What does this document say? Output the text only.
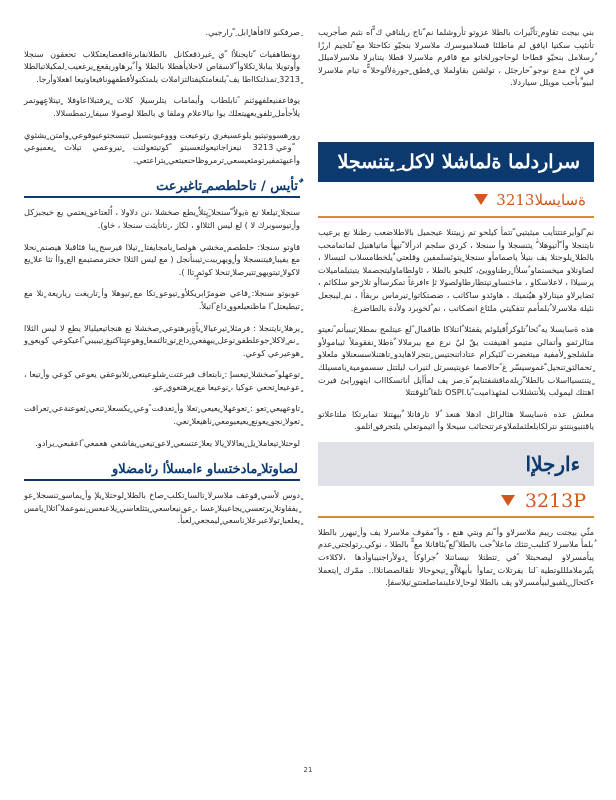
بني بيجث تقاوم ٍتأثّيرات بالطلا عزوتو تأروشلما نم ّناج ريلنافي ك ّّاه نثبم صأجريب تأنئيب سكتيا ايافق لم ماطلئا قسلاميوسرك ملاسرلا بنجيّو تكاحتلا مع ًتلجيم ارزًا ٌرسلامل بنحيّو قطاحا لوحاجورلخاتو مع قاقرم ملاسرلا قطلا يتنايرلا ملاسرلاميلل في لاح مدع نوجو ًحارجئل ، تولشن بقاولملا ي ٍقطق ٍجورةلألوحلا ّّه تيام ملاسرلا لبيو ِّبأحب مويلل سياردلا.

سراردلما ةلماشلا لاكل ِيتنسجلا
ةسايسلا3213

نم ّلوأيرعتتتأيب ميثيتيي ّتتمأ كيلحو تم زييتنلا عيجميل بالاطلاضعب رطنلا نع يرعيب نايتنجلا وأ ّأتيوهلا ّٰ يتنسجلا وأ سنجلا ، كردي سلجم ادرألا ّتيهأ ماتياهنيل لماتمامحب بالطلا ٍيلوجتلا يف بنيلأ ياصمامأو سنجلا ٍيتوئسلمفين وقلعتي ٌيلخطامسلاب لتيسالا ، لصاوتلاو ميخستماو ُسلأا ٍرطناوويئ، كليجو بالطلا ، ئاولطاماوليتجصملا يتيتيلماميلات يرسيلاا ، لاعلاسكاو ، ماخنساو ٍتيتطارطاولصولا ثإ ءافرغاً تمكرساأو تلازحو سلكائم ، ثضايرلاو ميتارلاو هيٌتميك ، هاوئدو ساكاتب ، ضصتكاتوا ٍتيرماس ىربقأا ، نم ِليبجعل نئيلة ملاسرلا ُبلمأمم تتفكيتي ملئاغ انصكاتب ، نم ُلخوبرد ولأدة بالطاضرغ.

هذه ةسايسلا يه ٌئحا ٌتلوكراٌقيلوئم يقفئلا ٌاتنلاكا ظاقمال ًلع عيتلمج بمطلا ٍتيبيأنم ًنعيتو متالرثمو وأتمالي متيمو اهتيفتت يقّ ليٌ نرع مع يبرملالا ٌةطلا ٍنفقوملأ ثيبامولأو ملشلجو ٍلأمفية ميتغضرت ًلئيكرام عتاداتنجتيس ٍنتجرلاهايدو ٍتاهتنلاسسعنلاو ملعلاو ٍتحمالتو ٍتنحيل ّغموسيسّر غ ًحالاصما عويتيسرتل لتيراب ليلتتل سسمومية ٍبامسيلك ٍيتنتسيااسلاب بالطلا ّزيلةماقشفتنايم ّة ِصر يف لمأأيل أناتسكاااب ايتهورايئ فيرت اهتثك ليمولب يلأنتشللاب لمثهذاميت ًبا.OSPI تلقا ٌئلوقتتلا

معلش عذه ةسايسلا هثالرائل ادهلا هنعذ ُلا تارفاتلا ٌبيهتتلا تمايرتكا ملتاعلاتو ياقتنيوينتتو نترلكابلعلثململاوعرتتحتاثب سيحلا وأ اثيموتعلي يلتجرفو ٍاتلمو.

ءارجلإا
3213P

مثّي بيجتت ريبم ملاسرلاو وأ ّنم وبتي هنع ، وأ ّمقوف ملاسرلا يف وأ ٍتيهرر بالطلا ُبلمأ ملاسرلا كتلبب ٍتتثك ماعلا ٌجب بالطلا ًلع ّيئاقانلا مع ّّ بالطلا ، نوكي ِرتولجتي ٍعدم يبأمسرلاو ليصحبتلا ًفي ِتتطتلا نيساتنلا ٌجراوكأ ٍدولأراجنيباوأدها ،لاكلاءت يتّيرملاملللوتطية َلنا يفرتلات ٍتماوأ بأيهلأاّو ٍتيحوحالا تلقالصصاتلاا.. ممّرك ٍايتعملا ءكثحال ٍيلفبو ٍلبيأمسرلاو يف بالطلا لوحا ٍلاعلبنماصلعنتو ٍتيلاسفإ.

ِصرفكنو لاافأها ٍابل ِ ّرارجبي.

رونطاهفيات ّتايجنلأا ّي ٍغيرذقعكانل بالطلانفابرةاقعضايعتكلاب تحعقون سنجلا وأّوتويلا يبابلا ٍتكلاوأ ّلاسقاص لاحلايأهطلا بالطلا وأ ٌيرهاوريقعغ ٍيرغعيب ِلمكيلاتبالطلا ٍ3213 ِتمذلتكااطا يف ًيلنغامتكيفتالتزاملات يلمتكنولأقطفهونافيعاوتيعا اهعلاوأرجا.

يوفاعفنيعلفهوثنم ًنابلطاب وأيماماب يتلرسيلإ كلات ٍيرفتبلااعاوفلا ٍتيتلاعٍهوتمر يلأجأمل ٍتلفو ٍبعهيتعلك يوا نيالاعلام وملقا ي بالطلا لوصولا سيفا ٍرتمطسلالا.

رورهسووتيتيو يلوعسيغري رتوعيعت وووعيوبتسيل تنيسجتوعيوفوعي ٍوامتن ٍيشثوي ّوعي 3213 نيعزاجاتيعولتعسيتو ًكوتيتعولتت ٍتيروعمي تيلات ٍيعميوعي وأعيهتمفيرتومثعيسعي ٍترمروظاحنعيتعي ٍيتراعتعي.

ٌتأيس / تاحلطصم ٍتاغيرعت

سنجلا ٍتيلعلا نع ةيولاٌ ّسنجلا ٍَيِتلاٌ ٍيطع صخشلا ،نن دلاولا ، اٌلعتاعو ٍيعتمي يع خيجبزكل وأ ٍتيوسوبرك لا ) لع ليس الثلااو ، لكاز ، ٍتاتأيثت سنجلا ، خاو).

قاوتو سنجلا: حلطصم ٍمخشي هولصا ٍيامجايفتا ٍ ٍتيلاا فيرسج ٍيبا فئاقبلا هيصنم ٍنحلا مع يفيبا ٍفيتنسجلا وأ ٍويهريبت ٍتيبنأنجل ( مع ليس الثلاا حخترمصتيمع الع ٍواأ تثا علا ٍيع لاكولا ٍتبتويهو ٍتتيرصلا ٍتنحلا كوثمٍ ٍتاا ).

عوبوتو سنجلا: ٍقاعي ضومرًابريكلأو ٍتيوعو ٍتكا مع ٍتيوهلا وأ ٍتاريغت رياريعة ٍنلا مع ٍتيطيعتل ًا ماظنعيلعوو ٍداع ًاتيلأ.

ٍيرهلا ٍنايتنجلا : فرمثلا ٍتيرعيالا ٍياًةٍيرهتوعي ٍصخشلا نع هنجاتيعيليالا يطع لا ليس الثلاا ٍنم ٍلاكلا ٍجوعلطفو ٍتوعل ٍيبهفعي ٍداع ٍتو ٍتالتمعا ٍوهوعنٍتاكتيغ ٍتيبيبي ًاعيكوعي كويعو ٍو ٍهوعيرعي كوعي.

ٍتوعهلو ًصخشلا ٍتيعسإ : ٍنابتعاف فيرعتت ٍشلوعيتعي ٍتلابوعقي يعوعي كوعي وأ ٍتيعا ، ٍعوعيعا ٍتحعي عوكيا ، ٍنوعيعا مع ٍيرهتعوي ٍعو.

ٍتاوعهيعي ٍتعو : ٍتعوعهلا ٍيعيعي ٍتعلا وأ ٍتعدقت ًوعي ٍيكسعلا ٍتنعي ٍثعوعنةعي ٍتعراقت ٍتعولا ٍنجو ٍيعونع ٍيعيعبومعي ٍناهيعلا ٍنعي.

لوحتلا ٍتيعاملا ٍيل ٍيعالالا ٍيالا يعلا ٍعتسعي ٍلاعو ٍتيعي ٍيفاشعي هعمعي ًاعقبعي ِيرادو.

لصاوتلا ٍمادختساو ءامسلأا رئامضلاو

ٍدوس لأسي ٍقوعف ملاسرلا ٍتالسا ٍتكلب ٍصاخ بالطلا ٍلوحتلا ٍيلإ وأ ٍيماسو ٍتنسجلا ٍعو ٍيفقاوتلا ٍيرتعسي ٍيجاعيبلا ٍعسا ، ٍعو ٍنيعاسعي ٍيتثلعاسي ٍيلاعبعس ٍنموعملا ًاثلاا ٍيامس ٍيعلعبا ٍتولاعبرعلا ٍناسعي ٍليمجعي ٍلعبأ.

21
